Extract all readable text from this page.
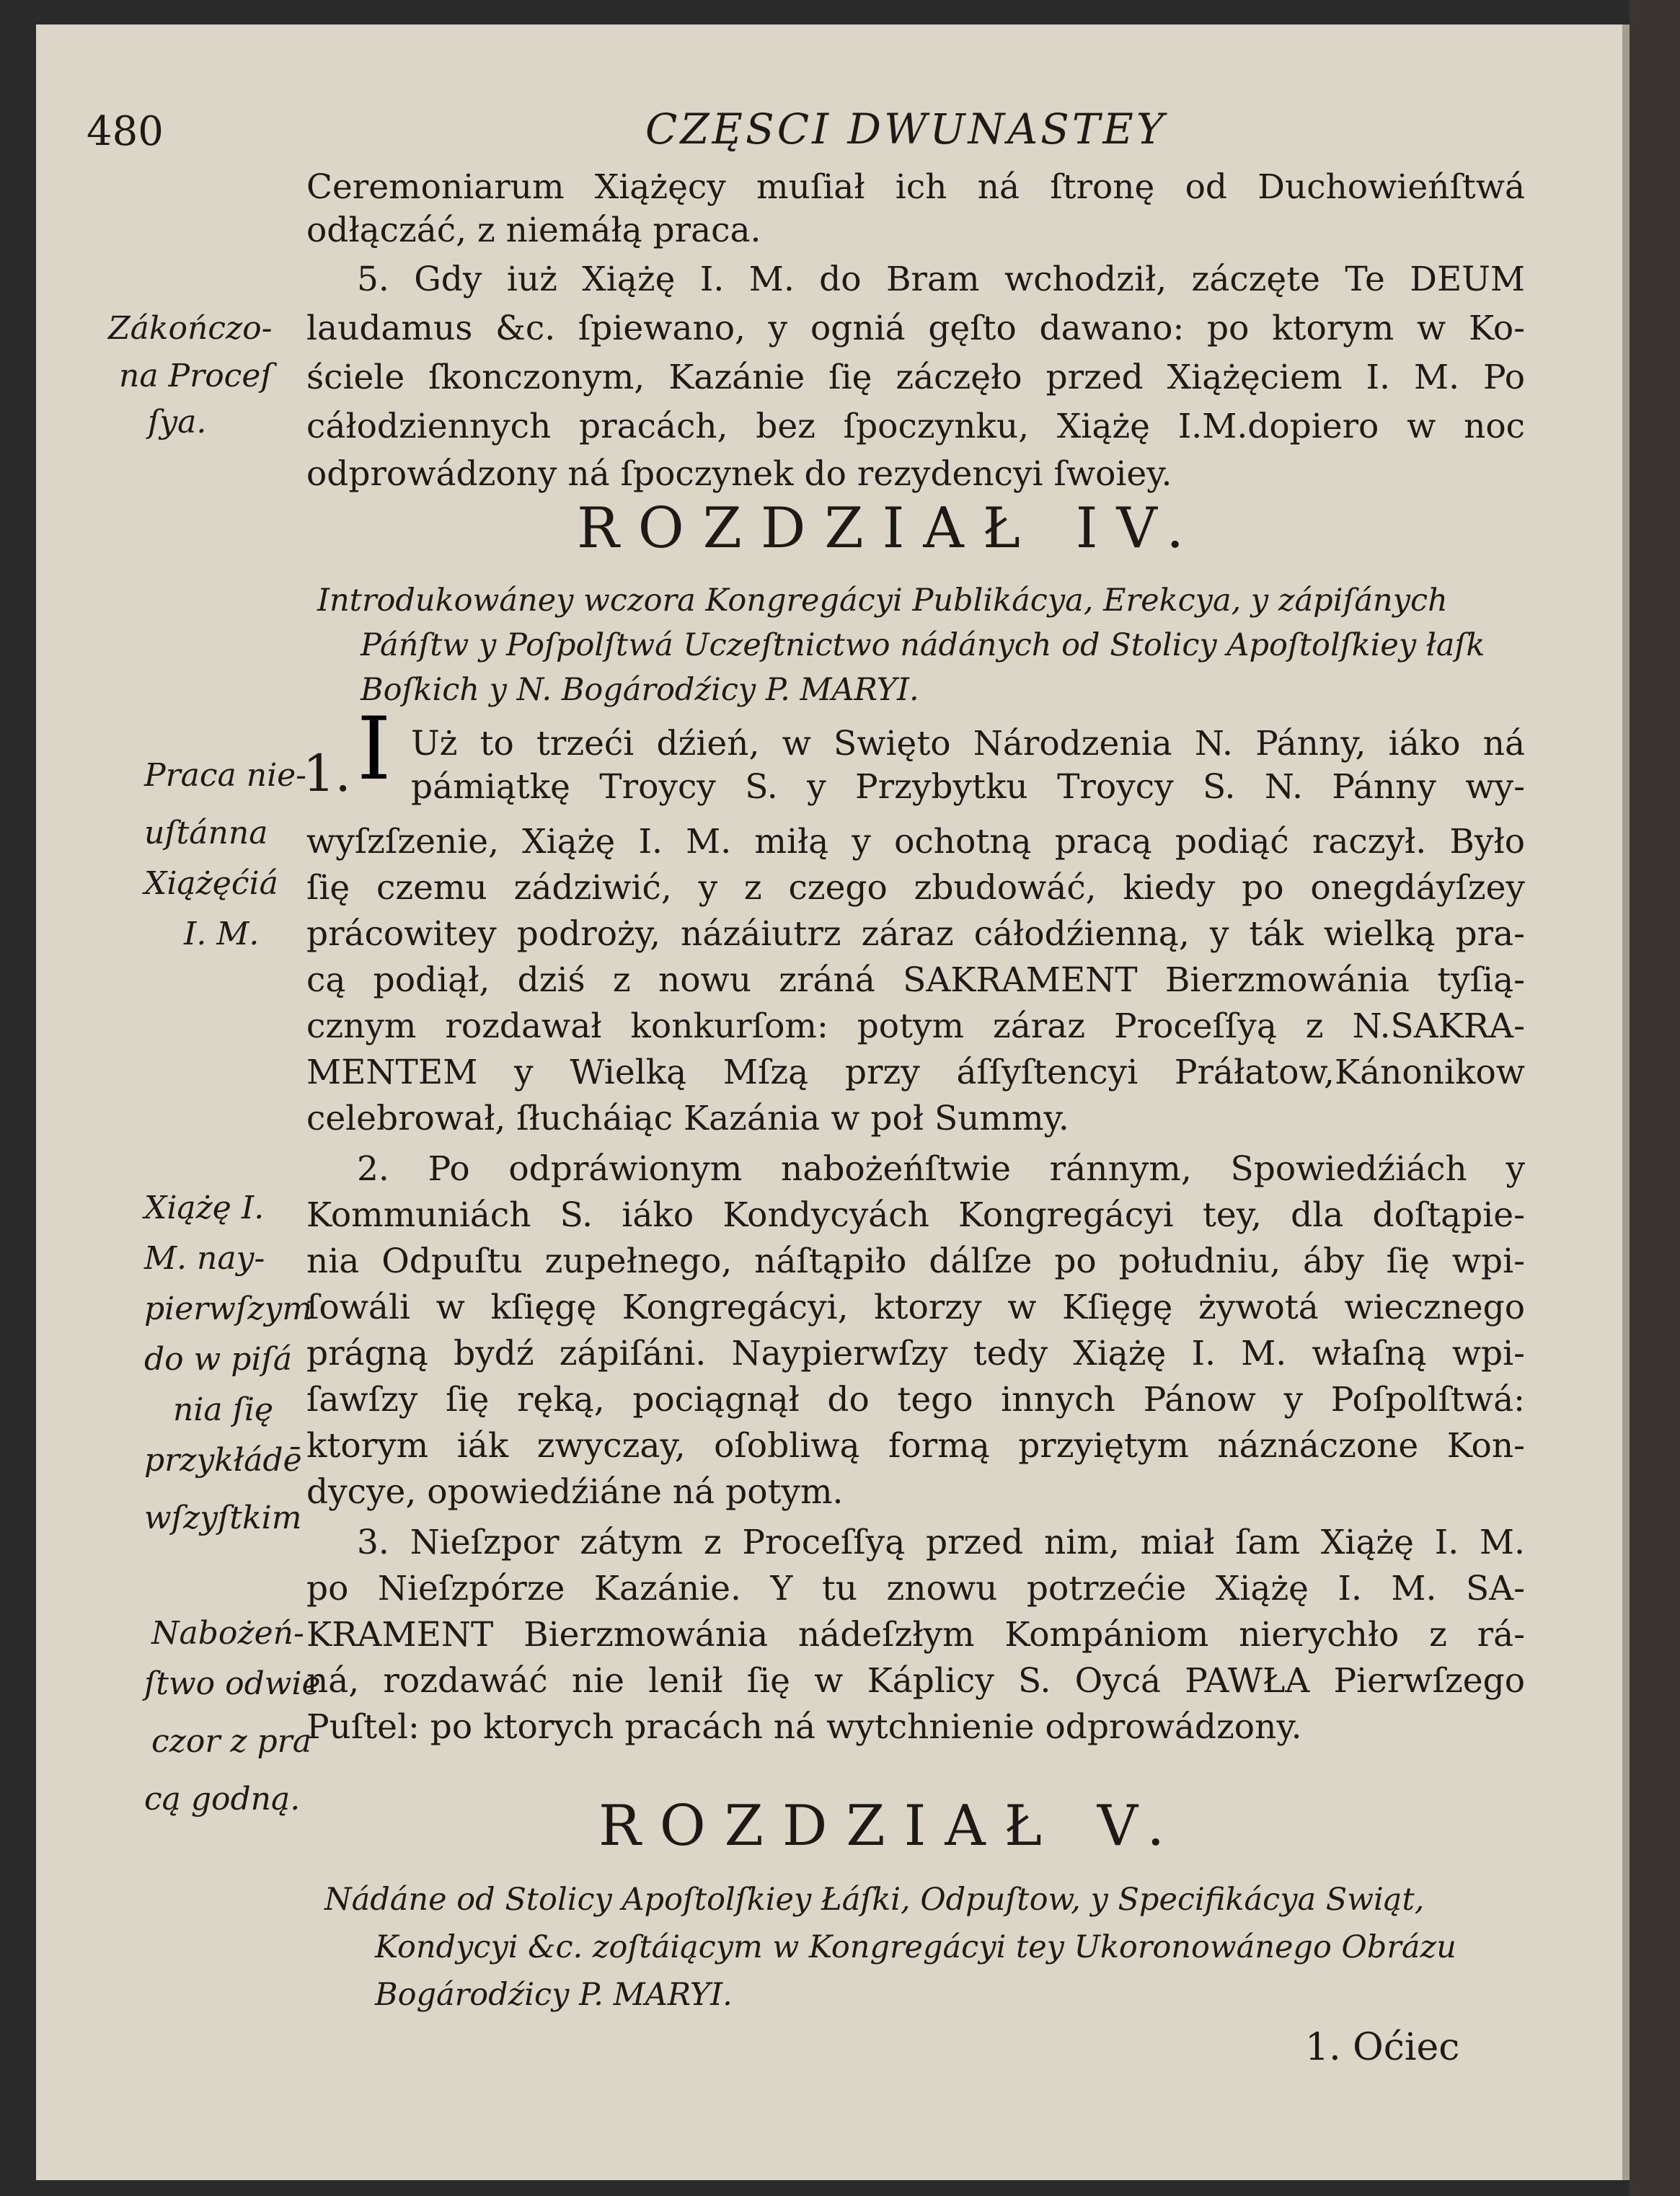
480	CZĘSCI DWUNASTEY
Ceremoniarum Xiążęcy muſiał ich ná ſtronę od Duchowieńſtwá
odłączáć, z niemáłą praca.
5. Gdy iuż Xiążę I. M. do Bram wchodził, záczęte Te DEUM
laudamus &c. ſpiewano, y ogniá gęſto dawano: po ktorym w Ko-
ściele ſkonczonym, Kazánie ſię záczęło przed Xiążęciem I. M. Po
cáłodziennych pracách, bez ſpoczynku, Xiążę I.M.dopiero w noc
odprowádzony ná ſpoczynek do rezydencyi ſwoiey.
Zákończo-
na Proceſ
ſya.
ROZDZIAŁ IV.
Introdukowáney wczora Kongregácyi Publikácya, Erekcya, y zápiſánych
Páńſtw y Poſpolſtwá Uczeſtnictwo nádánych od Stolicy Apoſtolſkiey łaſk
Boſkich y N. Bogárodźicy P. MARYI.
1. I Uż to trzeći dźień, w Swięto Národzenia N. Pánny, iáko ná
pámiątkę Troycy S. y Przybytku Troycy S. N. Pánny wy-
wyſzſzenie, Xiążę I. M. miłą y ochotną pracą podiąć raczył. Było
ſię czemu zádziwić, y z czego zbudowáć, kiedy po onegdáyſzey
prácowitey podroży, názáiutrz záraz cáłodźienną, y ták wielką pra-
cą podiął, dziś z nowu zráná SAKRAMENT Bierzmowánia tyſią-
cznym rozdawał konkurſom: potym záraz Proceſſyą z N.SAKRA-
MENTEM y Wielką Mſzą przy áſſyſtencyi Práłatow,Kánonikow
celebrował, ſłucháiąc Kazánia w poł Summy.
Praca nie-
uſtánna
Xiążęćiá
I. M.
2. Po odpráwionym nabożeńſtwie ránnym, Spowiedźiách y
Kommuniách S. iáko Kondycyách Kongregácyi tey, dla doſtąpie-
nia Odpuſtu zupełnego, náſtąpiło dálſze po południu, áby ſię wpi-
ſowáli w kſięgę Kongregácyi, ktorzy w Kſięgę żywotá wiecznego
prágną bydź zápiſáni. Naypierwſzy tedy Xiążę I. M. właſną wpi-
ſawſzy ſię ręką, pociągnął do tego innych Pánow y Poſpolſtwá:
ktorym iák zwyczay, oſobliwą formą przyiętym náznáczone Kon-
dycye, opowiedźiáne ná potym.
Xiążę I.
M. nay-
pierwſzym
do w piſá
nia ſię
przykłádē
wſzyſtkim
3. Nieſzpor zátym z Proceſſyą przed nim, miał ſam Xiążę I. M.
po Nieſzpórze Kazánie. Y tu znowu potrzećie Xiążę I. M. SA-
KRAMENT Bierzmowánia nádeſzłym Kompániom nierychło z rá-
ná, rozdawáć nie lenił ſię w Káplicy S. Oycá PAWŁA Pierwſzego
Puſtel: po ktorych pracách ná wytchnienie odprowádzony.
Nabożeń-
ſtwo odwie
czor z pra
cą godną.	ROZDZIAŁ V.
Nádáne od Stolicy Apoſtolſkiey Łáſki, Odpuſtow, y Specifikácya Swiąt,
Kondycyi &c. zoſtáiącym w Kongregácyi tey Ukoronowánego Obrázu
Bogárodźicy P. MARYI.
1. Oćiec
